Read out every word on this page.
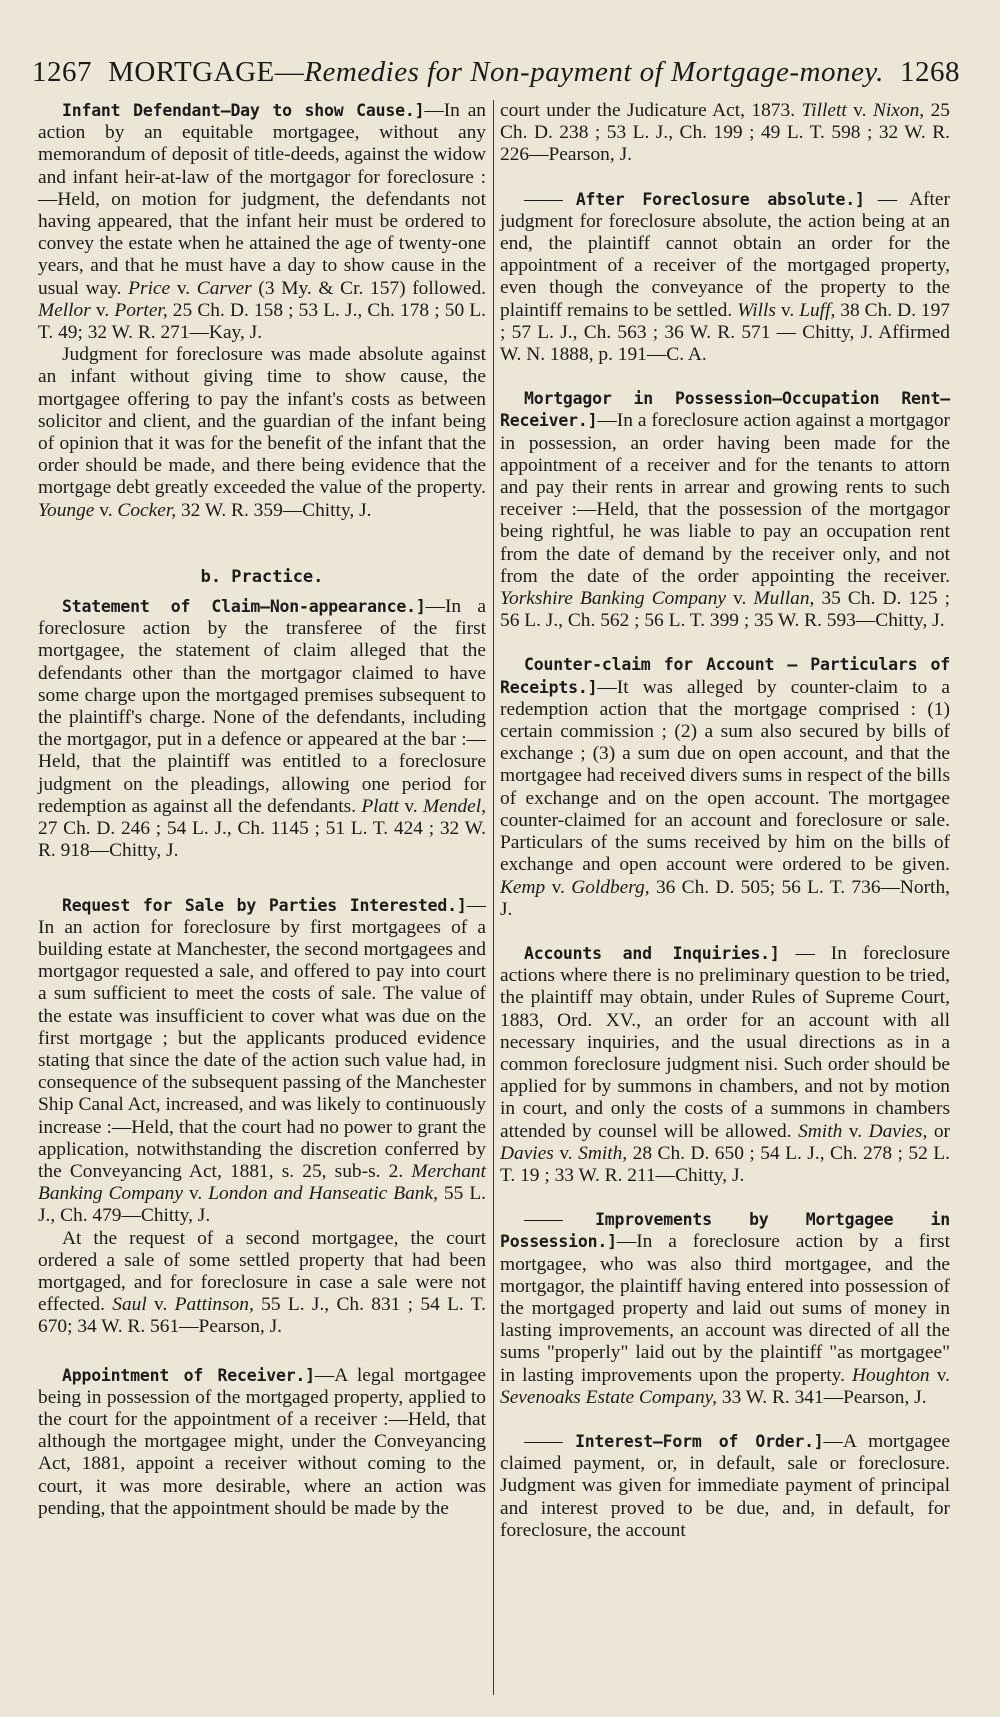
1267 MORTGAGE—Remedies for Non-payment of Mortgage-money. 1268

Infant Defendant—Day to show Cause.]—In an action by an equitable mortgagee, without any memorandum of deposit of title-deeds, against the widow and infant heir-at-law of the mortgagor for foreclosure :—Held, on motion for judgment, the defendants not having appeared, that the infant heir must be ordered to convey the estate when he attained the age of twenty-one years, and that he must have a day to show cause in the usual way. Price v. Carver (3 My. & Cr. 157) followed. Mellor v. Porter, 25 Ch. D. 158 ; 53 L. J., Ch. 178 ; 50 L. T. 49; 32 W. R. 271—Kay, J.

Judgment for foreclosure was made absolute against an infant without giving time to show cause, the mortgagee offering to pay the infant's costs as between solicitor and client, and the guardian of the infant being of opinion that it was for the benefit of the infant that the order should be made, and there being evidence that the mortgage debt greatly exceeded the value of the property. Younge v. Cocker, 32 W. R. 359—Chitty, J.

b. Practice.

Statement of Claim—Non-appearance.]—In a foreclosure action by the transferee of the first mortgagee, the statement of claim alleged that the defendants other than the mortgagor claimed to have some charge upon the mortgaged premises subsequent to the plaintiff's charge. None of the defendants, including the mortgagor, put in a defence or appeared at the bar :—Held, that the plaintiff was entitled to a foreclosure judgment on the pleadings, allowing one period for redemption as against all the defendants. Platt v. Mendel, 27 Ch. D. 246 ; 54 L. J., Ch. 1145 ; 51 L. T. 424 ; 32 W. R. 918—Chitty, J.

Request for Sale by Parties Interested.]—In an action for foreclosure by first mortgagees of a building estate at Manchester, the second mortgagees and mortgagor requested a sale, and offered to pay into court a sum sufficient to meet the costs of sale. The value of the estate was insufficient to cover what was due on the first mortgage ; but the applicants produced evidence stating that since the date of the action such value had, in consequence of the subsequent passing of the Manchester Ship Canal Act, increased, and was likely to continuously increase :—Held, that the court had no power to grant the application, notwithstanding the discretion conferred by the Conveyancing Act, 1881, s. 25, sub-s. 2. Merchant Banking Company v. London and Hanseatic Bank, 55 L. J., Ch. 479—Chitty, J.

At the request of a second mortgagee, the court ordered a sale of some settled property that had been mortgaged, and for foreclosure in case a sale were not effected. Saul v. Pattinson, 55 L. J., Ch. 831 ; 54 L. T. 670; 34 W. R. 561—Pearson, J.

Appointment of Receiver.]—A legal mortgagee being in possession of the mortgaged property, applied to the court for the appointment of a receiver :—Held, that although the mortgagee might, under the Conveyancing Act, 1881, appoint a receiver without coming to the court, it was more desirable, where an action was pending, that the appointment should be made by the

court under the Judicature Act, 1873. Tillett v. Nixon, 25 Ch. D. 238 ; 53 L. J., Ch. 199 ; 49 L. T. 598 ; 32 W. R. 226—Pearson, J.

—— After Foreclosure absolute.] — After judgment for foreclosure absolute, the action being at an end, the plaintiff cannot obtain an order for the appointment of a receiver of the mortgaged property, even though the conveyance of the property to the plaintiff remains to be settled. Wills v. Luff, 38 Ch. D. 197 ; 57 L. J., Ch. 563 ; 36 W. R. 571 — Chitty, J. Affirmed W. N. 1888, p. 191—C. A.

Mortgagor in Possession—Occupation Rent—Receiver.]—In a foreclosure action against a mortgagor in possession, an order having been made for the appointment of a receiver and for the tenants to attorn and pay their rents in arrear and growing rents to such receiver :—Held, that the possession of the mortgagor being rightful, he was liable to pay an occupation rent from the date of demand by the receiver only, and not from the date of the order appointing the receiver. Yorkshire Banking Company v. Mullan, 35 Ch. D. 125 ; 56 L. J., Ch. 562 ; 56 L. T. 399 ; 35 W. R. 593—Chitty, J.

Counter-claim for Account — Particulars of Receipts.]—It was alleged by counter-claim to a redemption action that the mortgage comprised : (1) certain commission ; (2) a sum also secured by bills of exchange ; (3) a sum due on open account, and that the mortgagee had received divers sums in respect of the bills of exchange and on the open account. The mortgagee counter-claimed for an account and foreclosure or sale. Particulars of the sums received by him on the bills of exchange and open account were ordered to be given. Kemp v. Goldberg, 36 Ch. D. 505; 56 L. T. 736—North, J.

Accounts and Inquiries.] — In foreclosure actions where there is no preliminary question to be tried, the plaintiff may obtain, under Rules of Supreme Court, 1883, Ord. XV., an order for an account with all necessary inquiries, and the usual directions as in a common foreclosure judgment nisi. Such order should be applied for by summons in chambers, and not by motion in court, and only the costs of a summons in chambers attended by counsel will be allowed. Smith v. Davies, or Davies v. Smith, 28 Ch. D. 650 ; 54 L. J., Ch. 278 ; 52 L. T. 19 ; 33 W. R. 211—Chitty, J.

—— Improvements by Mortgagee in Possession.]—In a foreclosure action by a first mortgagee, who was also third mortgagee, and the mortgagor, the plaintiff having entered into possession of the mortgaged property and laid out sums of money in lasting improvements, an account was directed of all the sums "properly" laid out by the plaintiff "as mortgagee" in lasting improvements upon the property. Houghton v. Sevenoaks Estate Company, 33 W. R. 341—Pearson, J.

—— Interest—Form of Order.]—A mortgagee claimed payment, or, in default, sale or foreclosure. Judgment was given for immediate payment of principal and interest proved to be due, and, in default, for foreclosure, the account
